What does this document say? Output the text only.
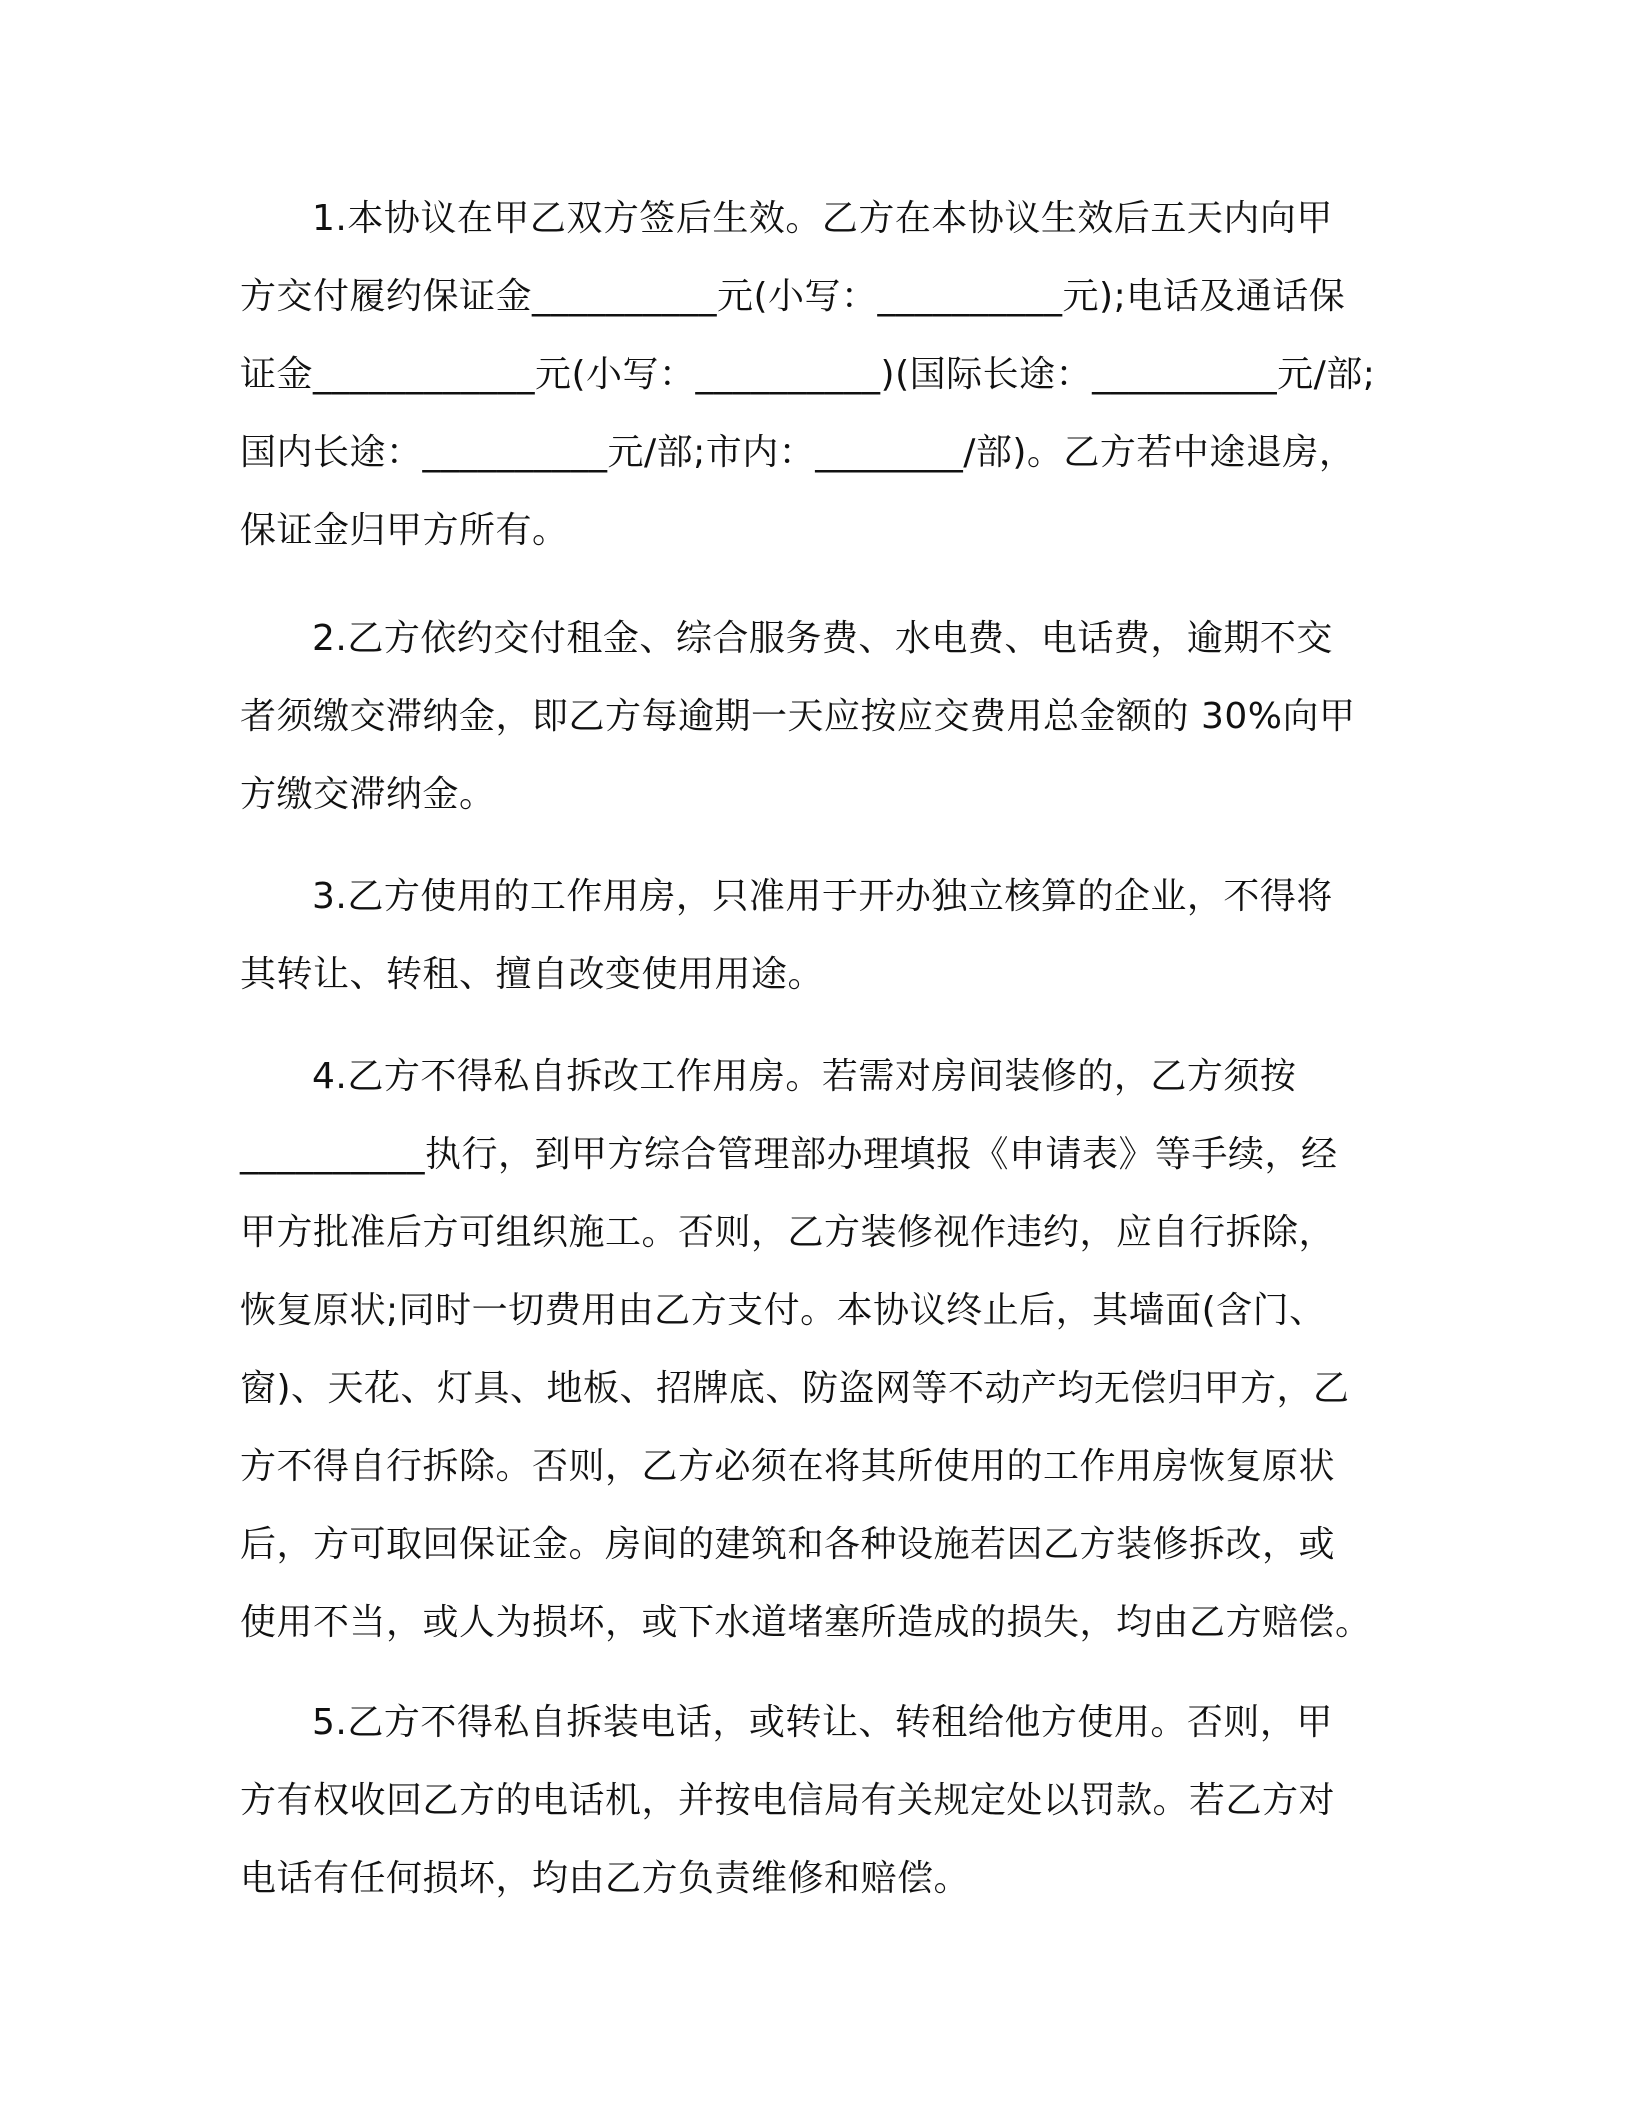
1.本协议在甲乙双方签后生效。乙方在本协议生效后五天内向甲
方交付履约保证金__________元(小写：__________元);电话及通话保
证金____________元(小写：__________)(国际长途：__________元/部;
国内长途：__________元/部;市内：________/部)。乙方若中途退房，
保证金归甲方所有。
2.乙方依约交付租金、综合服务费、水电费、电话费，逾期不交
者须缴交滞纳金，即乙方每逾期一天应按应交费用总金额的 30%向甲
方缴交滞纳金。
3.乙方使用的工作用房，只准用于开办独立核算的企业，不得将
其转让、转租、擅自改变使用用途。
4.乙方不得私自拆改工作用房。若需对房间装修的，乙方须按
__________执行，到甲方综合管理部办理填报《申请表》等手续，经
甲方批准后方可组织施工。否则，乙方装修视作违约，应自行拆除，
恢复原状;同时一切费用由乙方支付。本协议终止后，其墙面(含门、
窗)、天花、灯具、地板、招牌底、防盗网等不动产均无偿归甲方，乙
方不得自行拆除。否则，乙方必须在将其所使用的工作用房恢复原状
后，方可取回保证金。房间的建筑和各种设施若因乙方装修拆改，或
使用不当，或人为损坏，或下水道堵塞所造成的损失，均由乙方赔偿。
5.乙方不得私自拆装电话，或转让、转租给他方使用。否则，甲
方有权收回乙方的电话机，并按电信局有关规定处以罚款。若乙方对
电话有任何损坏，均由乙方负责维修和赔偿。
